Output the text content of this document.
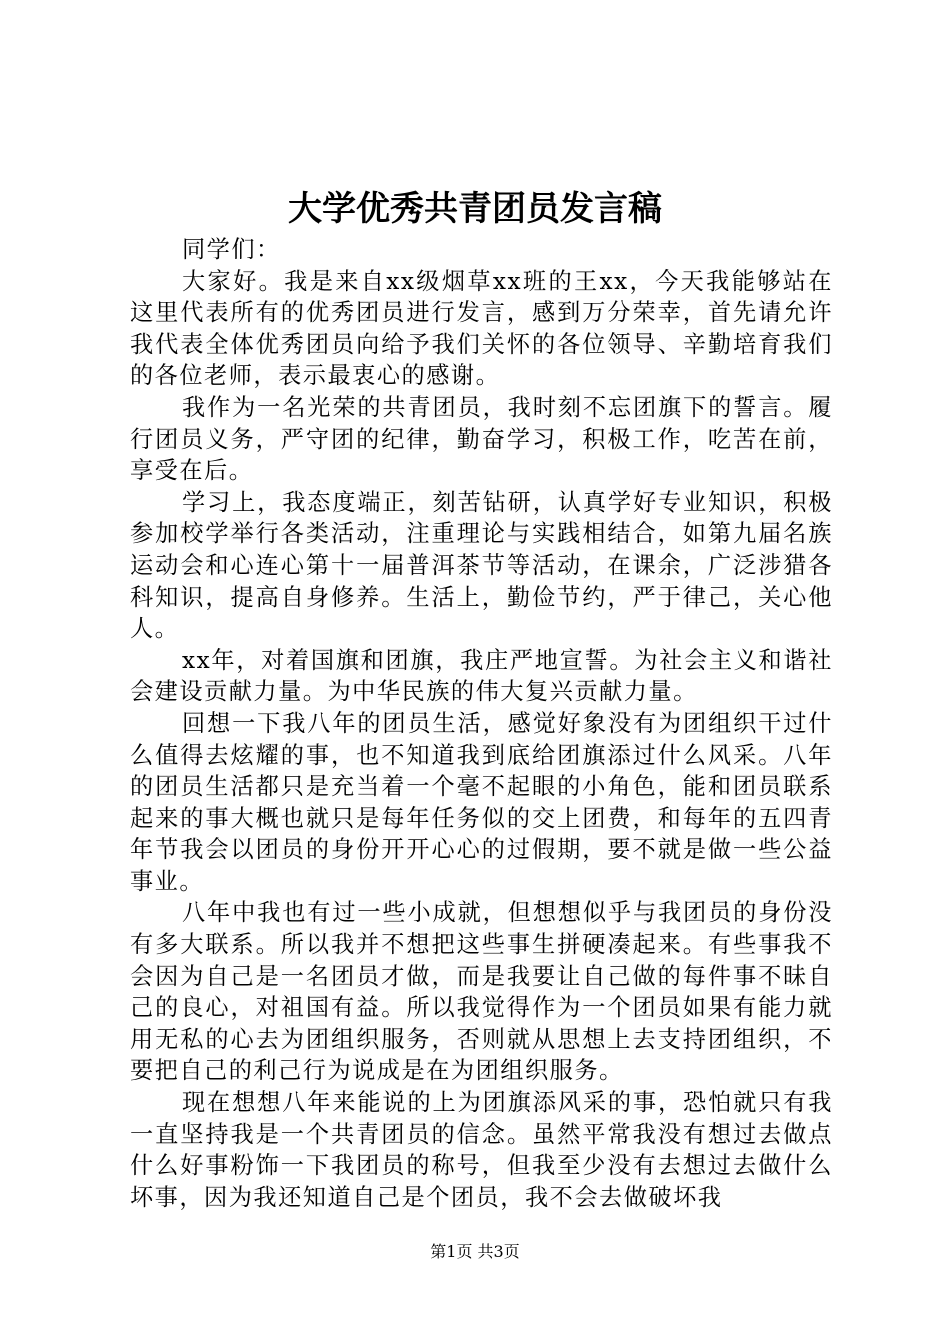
大学优秀共青团员发言稿

同学们：

大家好。我是来自xx级烟草xx班的王xx，今天我能够站在这里代表所有的优秀团员进行发言，感到万分荣幸，首先请允许我代表全体优秀团员向给予我们关怀的各位领导、辛勤培育我们的各位老师，表示最衷心的感谢。

我作为一名光荣的共青团员，我时刻不忘团旗下的誓言。履行团员义务，严守团的纪律，勤奋学习，积极工作，吃苦在前，享受在后。

学习上，我态度端正，刻苦钻研，认真学好专业知识，积极参加校学举行各类活动，注重理论与实践相结合，如第九届名族运动会和心连心第十一届普洱茶节等活动，在课余，广泛涉猎各科知识，提高自身修养。生活上，勤俭节约，严于律己，关心他人。

xx年，对着国旗和团旗，我庄严地宣誓。为社会主义和谐社会建设贡献力量。为中华民族的伟大复兴贡献力量。

回想一下我八年的团员生活，感觉好象没有为团组织干过什么值得去炫耀的事，也不知道我到底给团旗添过什么风采。八年的团员生活都只是充当着一个毫不起眼的小角色，能和团员联系起来的事大概也就只是每年任务似的交上团费，和每年的五四青年节我会以团员的身份开开心心的过假期，要不就是做一些公益事业。

八年中我也有过一些小成就，但想想似乎与我团员的身份没有多大联系。所以我并不想把这些事生拼硬凑起来。有些事我不会因为自己是一名团员才做，而是我要让自己做的每件事不昧自己的良心，对祖国有益。所以我觉得作为一个团员如果有能力就用无私的心去为团组织服务，否则就从思想上去支持团组织，不要把自己的利己行为说成是在为团组织服务。

现在想想八年来能说的上为团旗添风采的事，恐怕就只有我一直坚持我是一个共青团员的信念。虽然平常我没有想过去做点什么好事粉饰一下我团员的称号，但我至少没有去想过去做什么坏事，因为我还知道自己是个团员，我不会去做破坏我

第1页 共3页
